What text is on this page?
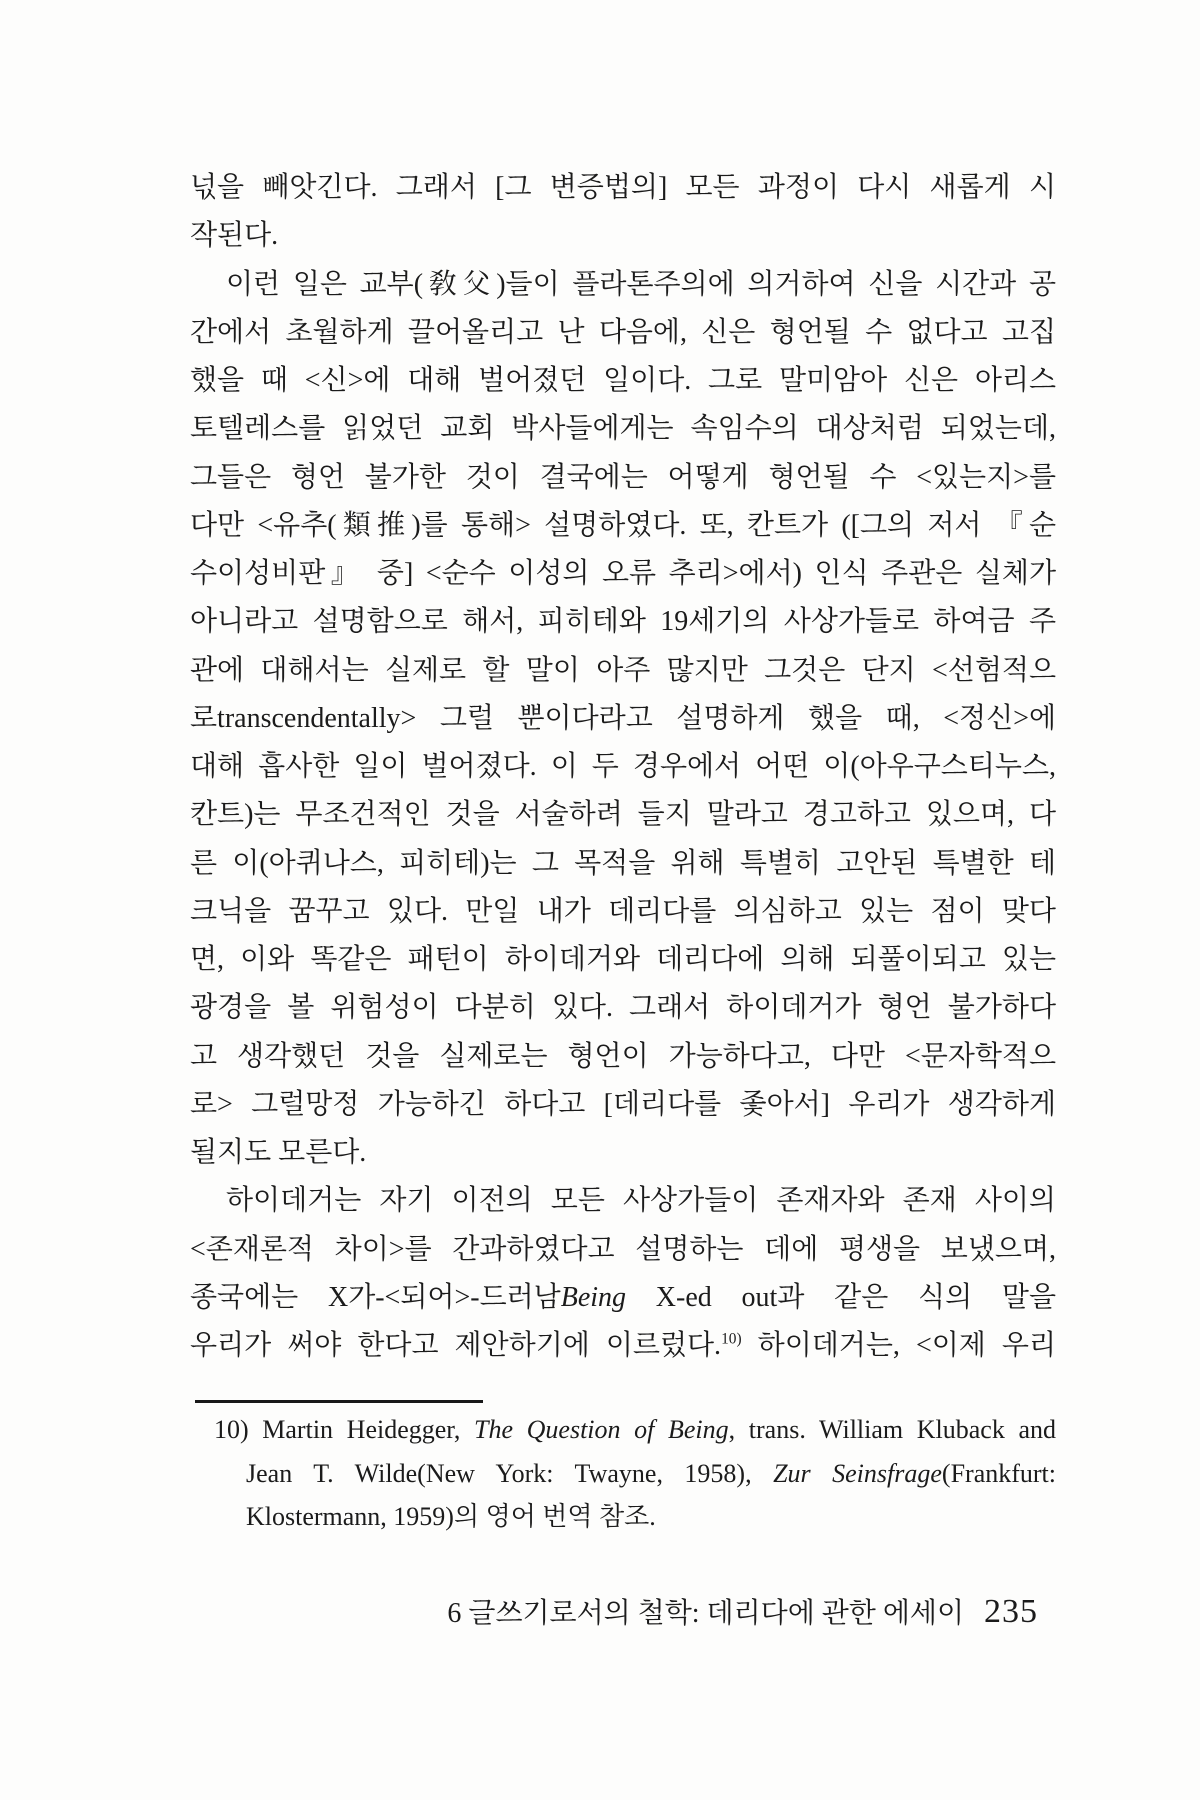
넋을 빼앗긴다. 그래서 [그 변증법의] 모든 과정이 다시 새롭게 시
작된다.
이런 일은 교부(敎父)들이 플라톤주의에 의거하여 신을 시간과 공
간에서 초월하게 끌어올리고 난 다음에, 신은 형언될 수 없다고 고집
했을 때 <신>에 대해 벌어졌던 일이다. 그로 말미암아 신은 아리스
토텔레스를 읽었던 교회 박사들에게는 속임수의 대상처럼 되었는데,
그들은 형언 불가한 것이 결국에는 어떻게 형언될 수 <있는지>를
다만 <유추(類推)를 통해> 설명하였다. 또, 칸트가 ([그의 저서 『순
수이성비판』 중] <순수 이성의 오류 추리>에서) 인식 주관은 실체가
아니라고 설명함으로 해서, 피히테와 19세기의 사상가들로 하여금 주
관에 대해서는 실제로 할 말이 아주 많지만 그것은 단지 <선험적으
로transcendentally> 그럴 뿐이다라고 설명하게 했을 때, <정신>에
대해 흡사한 일이 벌어졌다. 이 두 경우에서 어떤 이(아우구스티누스,
칸트)는 무조건적인 것을 서술하려 들지 말라고 경고하고 있으며, 다
른 이(아퀴나스, 피히테)는 그 목적을 위해 특별히 고안된 특별한 테
크닉을 꿈꾸고 있다. 만일 내가 데리다를 의심하고 있는 점이 맞다
면, 이와 똑같은 패턴이 하이데거와 데리다에 의해 되풀이되고 있는
광경을 볼 위험성이 다분히 있다. 그래서 하이데거가 형언 불가하다
고 생각했던 것을 실제로는 형언이 가능하다고, 다만 <문자학적으
로> 그럴망정 가능하긴 하다고 [데리다를 좇아서] 우리가 생각하게
될지도 모른다.
하이데거는 자기 이전의 모든 사상가들이 존재자와 존재 사이의
<존재론적 차이>를 간과하였다고 설명하는 데에 평생을 보냈으며,
종국에는 X가-<되어>-드러남Being X-ed out과 같은 식의 말을
우리가 써야 한다고 제안하기에 이르렀다.$^{10)}$ 하이데거는, <이제 우리
10) Martin Heidegger, The Question of Being, trans. William Kluback and
Jean T. Wilde(New York: Twayne, 1958), Zur Seinsfrage(Frankfurt:
Klostermann, 1959)의 영어 번역 참조.
6 글쓰기로서의 철학: 데리다에 관한 에세이 235
